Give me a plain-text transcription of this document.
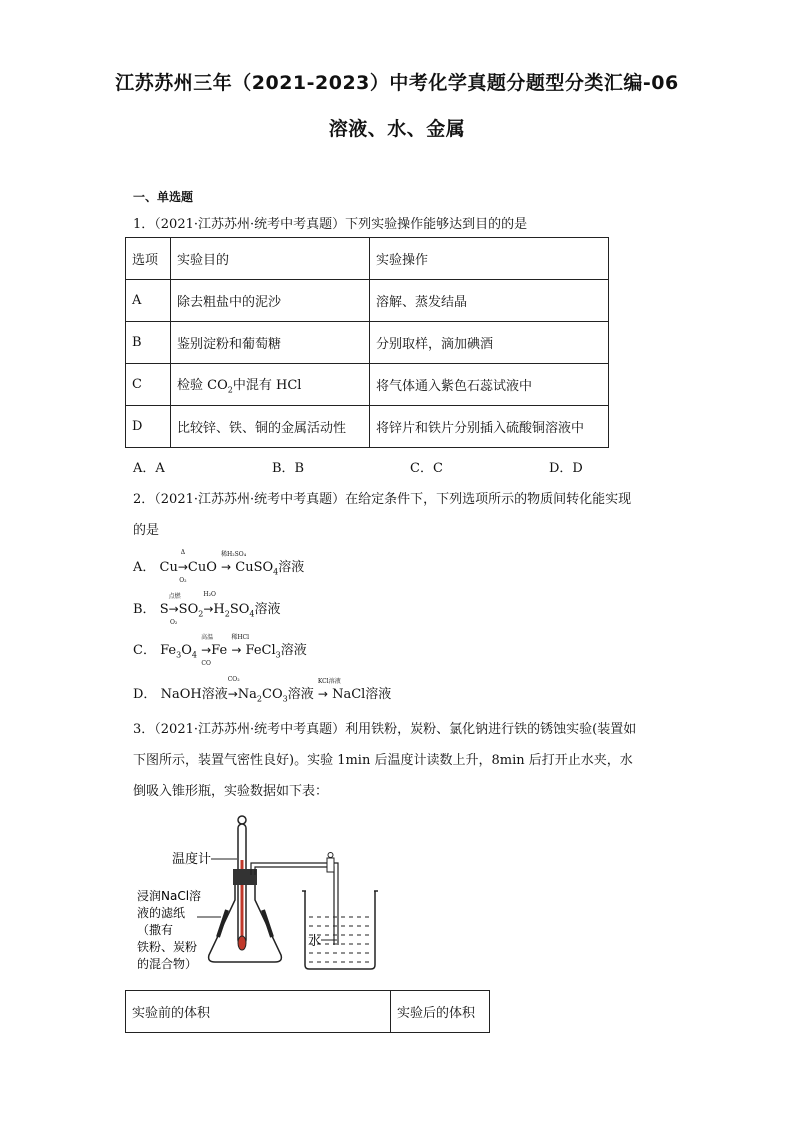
江苏苏州三年（2021-2023）中考化学真题分题型分类汇编-06
溶液、水、金属
一、单选题
1．（2021·江苏苏州·统考中考真题）下列实验操作能够达到目的的是
选项	实验目的	实验操作
A	除去粗盐中的泥沙	溶解、蒸发结晶
B	鉴别淀粉和葡萄糖	分别取样，滴加碘酒
C	检验 $CO_2$中混有 HCl	将气体通入紫色石蕊试液中
D	比较锌、铁、铜的金属活动性	将锌片和铁片分别插入硫酸铜溶液中
A．A	B．B	C．C	D．D
2．（2021·江苏苏州·统考中考真题）在给定条件下，下列选项所示的物质间转化能实现
的是
A． Cu
Δ
→
O₂
CuO
稀H₂SO₄
→ CuSO$_4$溶液
B． S
点燃
→
O₂
$SO_2$
H₂O
$\to H_2SO_4$溶液
C． $Fe_3O_4$
高温
→
CO
Fe
稀HCl
→ FeCl$_3$溶液
D． NaOH溶液
CO₂
$\to Na_2CO_3$溶液
KCl溶液
→ NaCl溶液
3．（2021·江苏苏州·统考中考真题）利用铁粉，炭粉、氯化钠进行铁的锈蚀实验(装置如
下图所示，装置气密性良好)。实验 1min 后温度计读数上升，8min 后打开止水夹，水
倒吸入锥形瓶，实验数据如下表：
温度计
浸润NaCl溶
液的滤纸
（撒有
铁粉、炭粉
的混合物）
水
实验前的体积	实验后的体积
